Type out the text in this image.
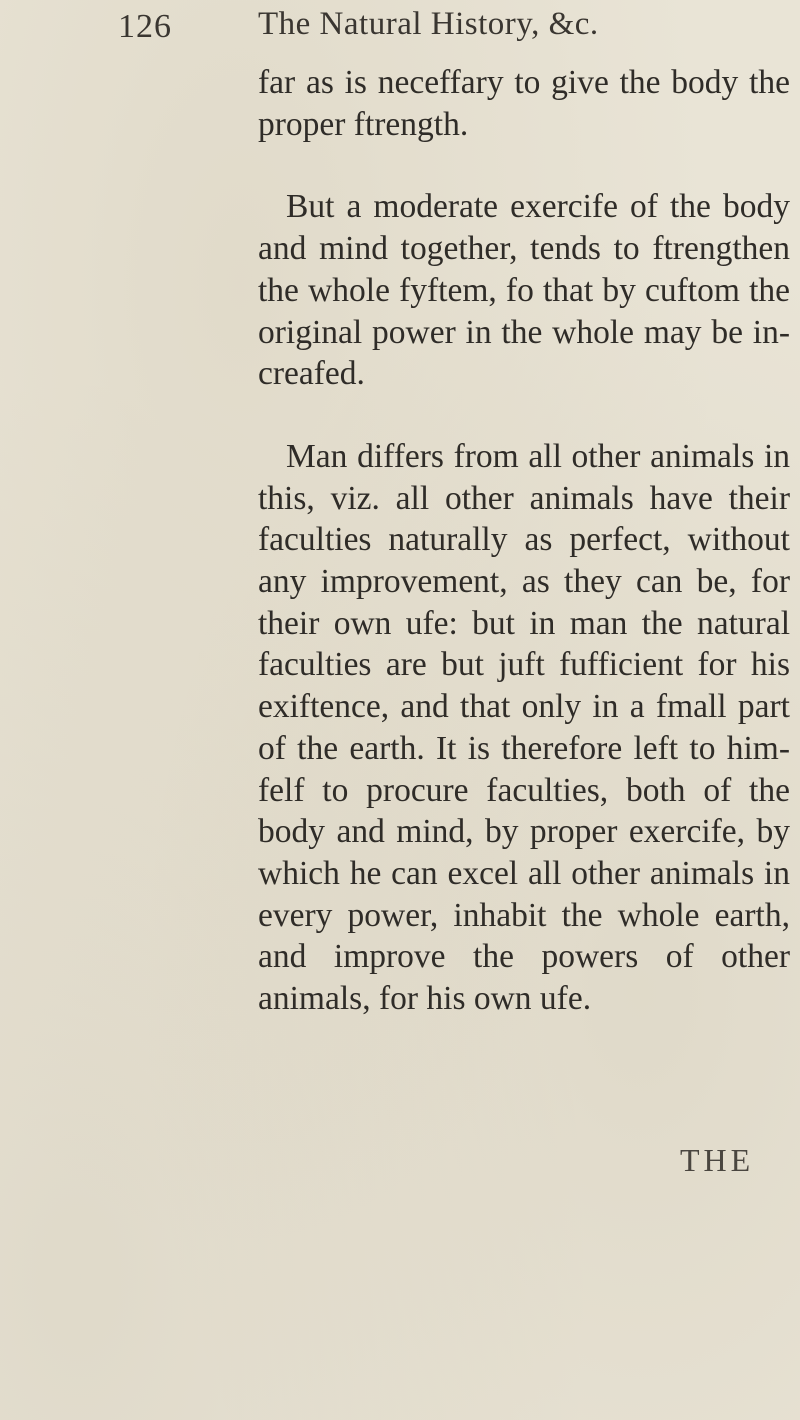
126	The Natural History, &c.

far as is neceffary to give the body the proper ftrength.

But a moderate exercife of the body and mind together, tends to ftrengthen the whole fyftem, fo that by cuftom the original power in the whole may be in-creafed.

Man differs from all other animals in this, viz. all other animals have their faculties naturally as perfect, without any improvement, as they can be, for their own ufe: but in man the natural faculties are but juft fufficient for his exiftence, and that only in a fmall part of the earth. It is therefore left to him-felf to procure faculties, both of the body and mind, by proper exercife, by which he can excel all other animals in every power, inhabit the whole earth, and improve the powers of other animals, for his own ufe.

THE
